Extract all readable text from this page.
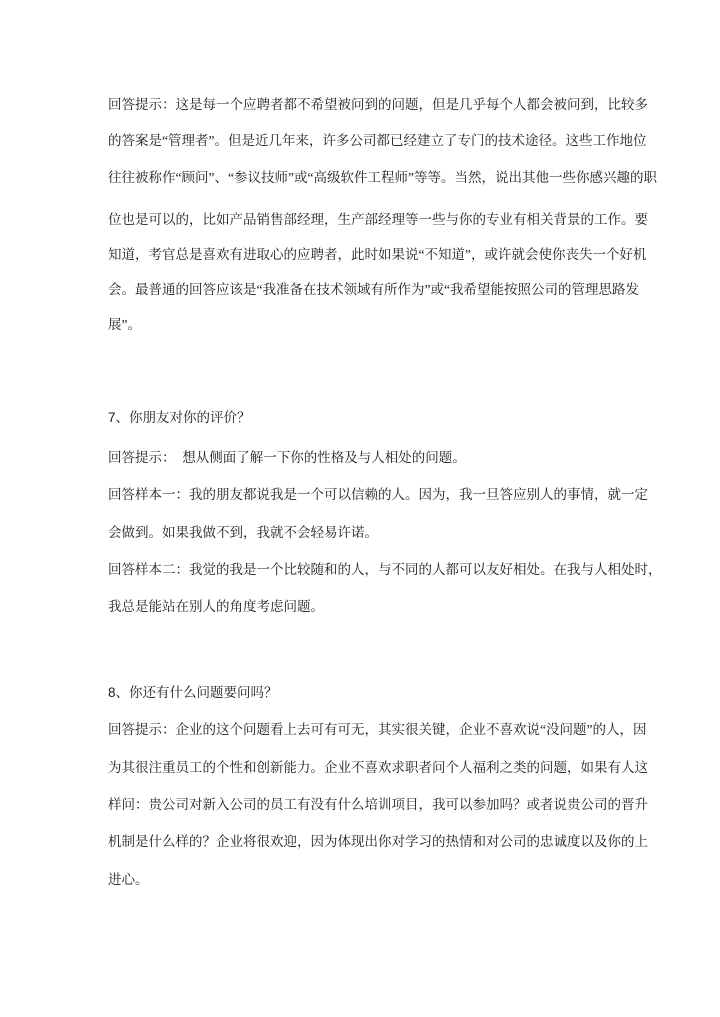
回答提示：这是每一个应聘者都不希望被问到的问题，但是几乎每个人都会被问到，比较多
的答案是“管理者”。但是近几年来，许多公司都已经建立了专门的技术途径。这些工作地位
往往被称作“顾问”、“参议技师”或“高级软件工程师”等等。当然，说出其他一些你感兴趣的职
位也是可以的，比如产品销售部经理，生产部经理等一些与你的专业有相关背景的工作。要
知道，考官总是喜欢有进取心的应聘者，此时如果说“不知道”，或许就会使你丧失一个好机
会。最普通的回答应该是“我准备在技术领域有所作为”或“我希望能按照公司的管理思路发
展”。
7、你朋友对你的评价？
回答提示：　想从侧面了解一下你的性格及与人相处的问题。
回答样本一：我的朋友都说我是一个可以信赖的人。因为，我一旦答应别人的事情，就一定
会做到。如果我做不到，我就不会轻易许诺。
回答样本二：我觉的我是一个比较随和的人，与不同的人都可以友好相处。在我与人相处时，
我总是能站在别人的角度考虑问题。
8、你还有什么问题要问吗？
回答提示：企业的这个问题看上去可有可无，其实很关键，企业不喜欢说“没问题”的人，因
为其很注重员工的个性和创新能力。企业不喜欢求职者问个人福利之类的问题，如果有人这
样问：贵公司对新入公司的员工有没有什么培训项目，我可以参加吗？或者说贵公司的晋升
机制是什么样的？企业将很欢迎，因为体现出你对学习的热情和对公司的忠诚度以及你的上
进心。
